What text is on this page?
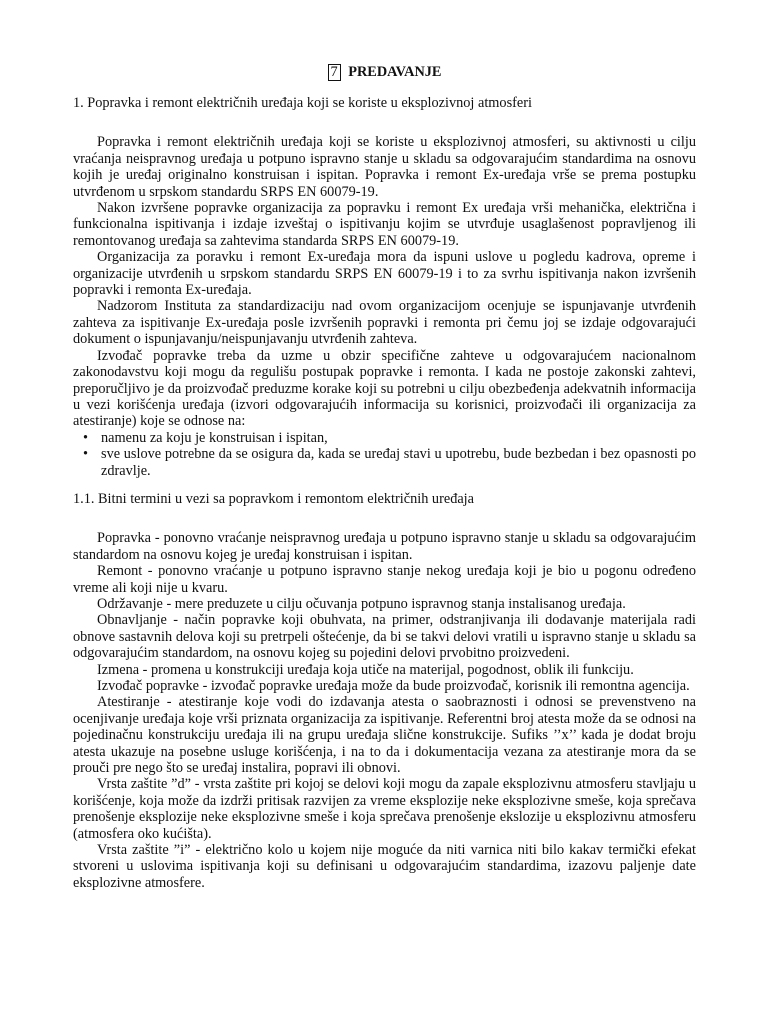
7 PREDAVANJE
1. Popravka i remont električnih uređaja koji se koriste u eksplozivnoj atmosferi

Popravka i remont električnih uređaja koji se koriste u eksplozivnoj atmosferi, su aktivnosti u cilju vraćanja neispravnog uređaja u potpuno ispravno stanje u skladu sa odgovarajućim standardima na osnovu kojih je uređaj originalno konstruisan i ispitan. Popravka i remont Ex-uređaja vrše se prema postupku utvrđenom u srpskom standardu SRPS EN 60079-19.

Nakon izvršene popravke organizacija za popravku i remont Ex uređaja vrši mehanička, električna i funkcionalna ispitivanja i izdaje izveštaj o ispitivanju kojim se utvrđuje usaglašenost popravljenog ili remontovanog uređaja sa zahtevima standarda SRPS EN 60079-19.

Organizacija za poravku i remont Ex-uređaja mora da ispuni uslove u pogledu kadrova, opreme i organizacije utvrđenih u srpskom standardu SRPS EN 60079-19 i to za svrhu ispitivanja nakon izvršenih popravki i remonta Ex-uređaja.

Nadzorom Instituta za standardizaciju nad ovom organizacijom ocenjuje se ispunjavanje utvrđenih zahteva za ispitivanje Ex-uređaja posle izvršenih popravki i remonta pri čemu joj se izdaje odgovarajući dokument o ispunjavanju/neispunjavanju utvrđenih zahteva.

Izvođač popravke treba da uzme u obzir specifične zahteve u odgovarajućem nacionalnom zakonodavstvu koji mogu da regulišu postupak popravke i remonta. I kada ne postoje zakonski zahtevi, preporučljivo je da proizvođač preduzme korake koji su potrebni u cilju obezbeđenja adekvatnih informacija u vezi korišćenja uređaja (izvori odgovarajućih informacija su korisnici, proizvođači ili organizacija za atestiranje) koje se odnose na:

• namenu za koju je konstruisan i ispitan,
• sve uslove potrebne da se osigura da, kada se uređaj stavi u upotrebu, bude bezbedan i bez opasnosti po zdravlje.
1.1. Bitni termini u vezi sa popravkom i remontom električnih uređaja

Popravka - ponovno vraćanje neispravnog uređaja u potpuno ispravno stanje u skladu sa odgovarajućim standardom na osnovu kojeg je uređaj konstruisan i ispitan.

Remont - ponovno vraćanje u potpuno ispravno stanje nekog uređaja koji je bio u pogonu određeno vreme ali koji nije u kvaru.

Održavanje - mere preduzete u cilju očuvanja potpuno ispravnog stanja instalisanog uređaja.

Obnavljanje - način popravke koji obuhvata, na primer, odstranjivanja ili dodavanje materijala radi obnove sastavnih delova koji su pretrpeli oštećenje, da bi se takvi delovi vratili u ispravno stanje u skladu sa odgovarajućim standardom, na osnovu kojeg su pojedini delovi prvobitno proizvedeni.

Izmena - promena u konstrukciji uređaja koja utiče na materijal, pogodnost, oblik ili funkciju.

Izvođač popravke - izvođač popravke uređaja može da bude proizvođač, korisnik ili remontna agencija.

Atestiranje - atestiranje koje vodi do izdavanja atesta o saobraznosti i odnosi se prevenstveno na ocenjivanje uređaja koje vrši priznata organizacija za ispitivanje. Referentni broj atesta može da se odnosi na pojedinačnu konstrukciju uređaja ili na grupu uređaja slične konstrukcije. Sufiks ’’x’’ kada je dodat broju atesta ukazuje na posebne usluge korišćenja, i na to da i dokumentacija vezana za atestiranje mora da se prouči pre nego što se uređaj instalira, popravi ili obnovi.

Vrsta zaštite ”d” - vrsta zaštite pri kojoj se delovi koji mogu da zapale eksplozivnu atmosferu stavljaju u korišćenje, koja može da izdrži pritisak razvijen za vreme eksplozije neke eksplozivne smeše, koja sprečava prenošenje eksplozije neke eksplozivne smeše i koja sprečava prenošenje ekslozije u eksplozivnu atmosferu (atmosfera oko kućišta).

Vrsta zaštite ”i” - električno kolo u kojem nije moguće da niti varnica niti bilo kakav termički efekat stvoreni u uslovima ispitivanja koji su definisani u odgovarajućim standardima, izazovu paljenje date eksplozivne atmosfere.
